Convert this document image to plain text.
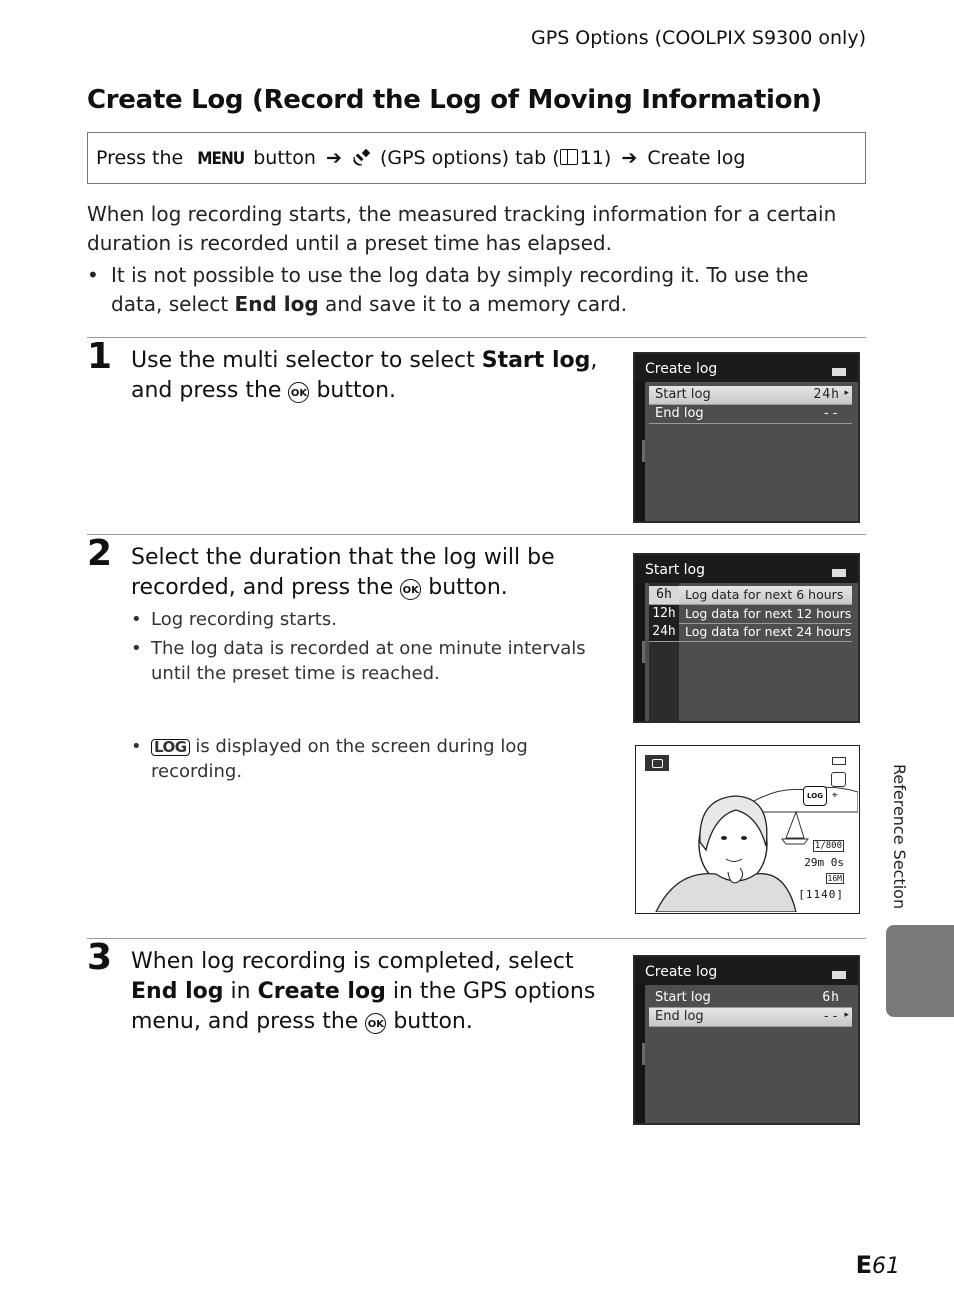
GPS Options (COOLPIX S9300 only)
Create Log (Record the Log of Moving Information)
Press the MENU button ➔ (GPS options) tab ( 11) ➔ Create log
When log recording starts, the measured tracking information for a certain duration is recorded until a preset time has elapsed.
• It is not possible to use the log data by simply recording it. To use the data, select End log and save it to a memory card.
1 Use the multi selector to select Start log, and press the OK button.
Create log
Start log	24h ▸
End log	--
2 Select the duration that the log will be recorded, and press the OK button.
• Log recording starts.
• The log data is recorded at one minute intervals until the preset time is reached.
• LOG is displayed on the screen during log recording.
Start log
6h	Log data for next 6 hours
12h Log data for next 12 hours
24h Log data for next 24 hours
LOG ⌖
1/800
29m 0s
16M
[1140]
3 When log recording is completed, select End log in Create log in the GPS options menu, and press the OK button.
Create log
Start log	6h
End log	-- ▸
Reference Section
E61
